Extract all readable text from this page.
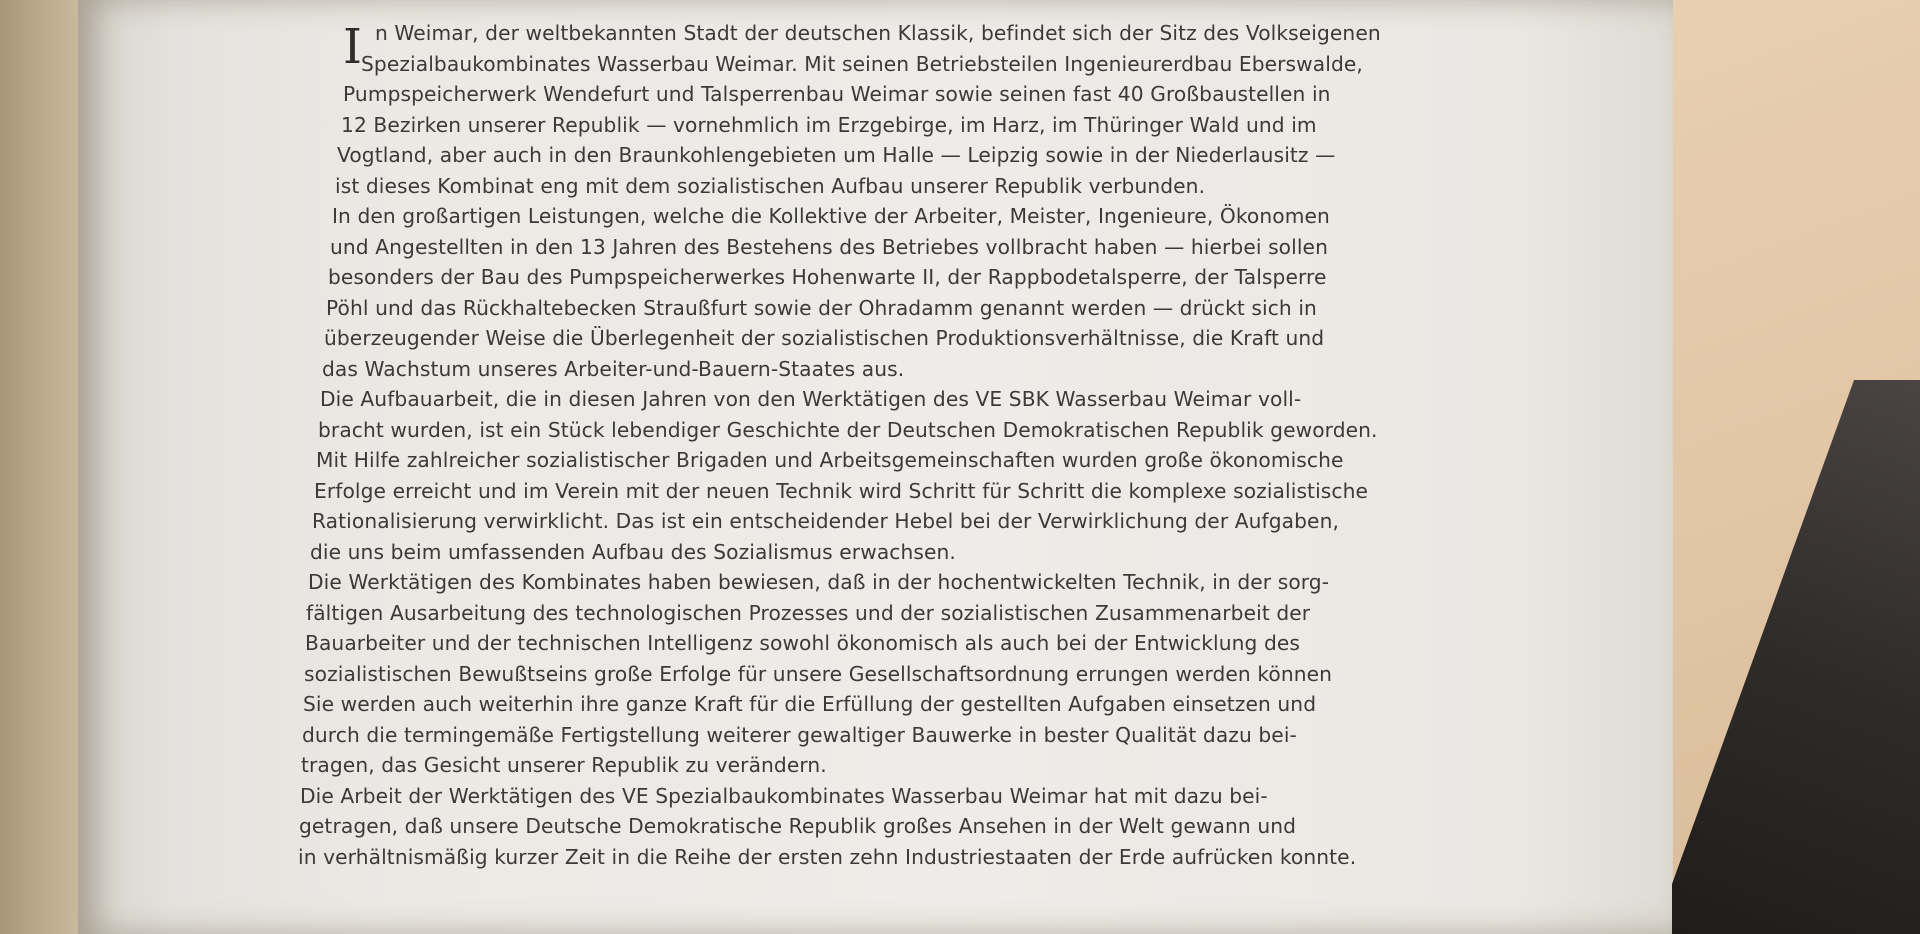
I n Weimar, der weltbekannten Stadt der deutschen Klassik, befindet sich der Sitz des Volkseigenen
Spezialbaukombinates Wasserbau Weimar. Mit seinen Betriebsteilen Ingenieurerdbau Eberswalde,
Pumpspeicherwerk Wendefurt und Talsperrenbau Weimar sowie seinen fast 40 Großbaustellen in
12 Bezirken unserer Republik — vornehmlich im Erzgebirge, im Harz, im Thüringer Wald und im
Vogtland, aber auch in den Braunkohlengebieten um Halle — Leipzig sowie in der Niederlausitz —
ist dieses Kombinat eng mit dem sozialistischen Aufbau unserer Republik verbunden.
In den großartigen Leistungen, welche die Kollektive der Arbeiter, Meister, Ingenieure, Ökonomen
und Angestellten in den 13 Jahren des Bestehens des Betriebes vollbracht haben — hierbei sollen
besonders der Bau des Pumpspeicherwerkes Hohenwarte II, der Rappbodetalsperre, der Talsperre
Pöhl und das Rückhaltebecken Straußfurt sowie der Ohradamm genannt werden — drückt sich in
überzeugender Weise die Überlegenheit der sozialistischen Produktionsverhältnisse, die Kraft und
das Wachstum unseres Arbeiter-und-Bauern-Staates aus.
Die Aufbauarbeit, die in diesen Jahren von den Werktätigen des VE SBK Wasserbau Weimar voll-
bracht wurden, ist ein Stück lebendiger Geschichte der Deutschen Demokratischen Republik geworden.
Mit Hilfe zahlreicher sozialistischer Brigaden und Arbeitsgemeinschaften wurden große ökonomische
Erfolge erreicht und im Verein mit der neuen Technik wird Schritt für Schritt die komplexe sozialistische
Rationalisierung verwirklicht. Das ist ein entscheidender Hebel bei der Verwirklichung der Aufgaben,
die uns beim umfassenden Aufbau des Sozialismus erwachsen.
Die Werktätigen des Kombinates haben bewiesen, daß in der hochentwickelten Technik, in der sorg-
fältigen Ausarbeitung des technologischen Prozesses und der sozialistischen Zusammenarbeit der
Bauarbeiter und der technischen Intelligenz sowohl ökonomisch als auch bei der Entwicklung des
sozialistischen Bewußtseins große Erfolge für unsere Gesellschaftsordnung errungen werden können
Sie werden auch weiterhin ihre ganze Kraft für die Erfüllung der gestellten Aufgaben einsetzen und
durch die termingemäße Fertigstellung weiterer gewaltiger Bauwerke in bester Qualität dazu bei-
tragen, das Gesicht unserer Republik zu verändern.
Die Arbeit der Werktätigen des VE Spezialbaukombinates Wasserbau Weimar hat mit dazu bei-
getragen, daß unsere Deutsche Demokratische Republik großes Ansehen in der Welt gewann und
in verhältnismäßig kurzer Zeit in die Reihe der ersten zehn Industriestaaten der Erde aufrücken konnte.
